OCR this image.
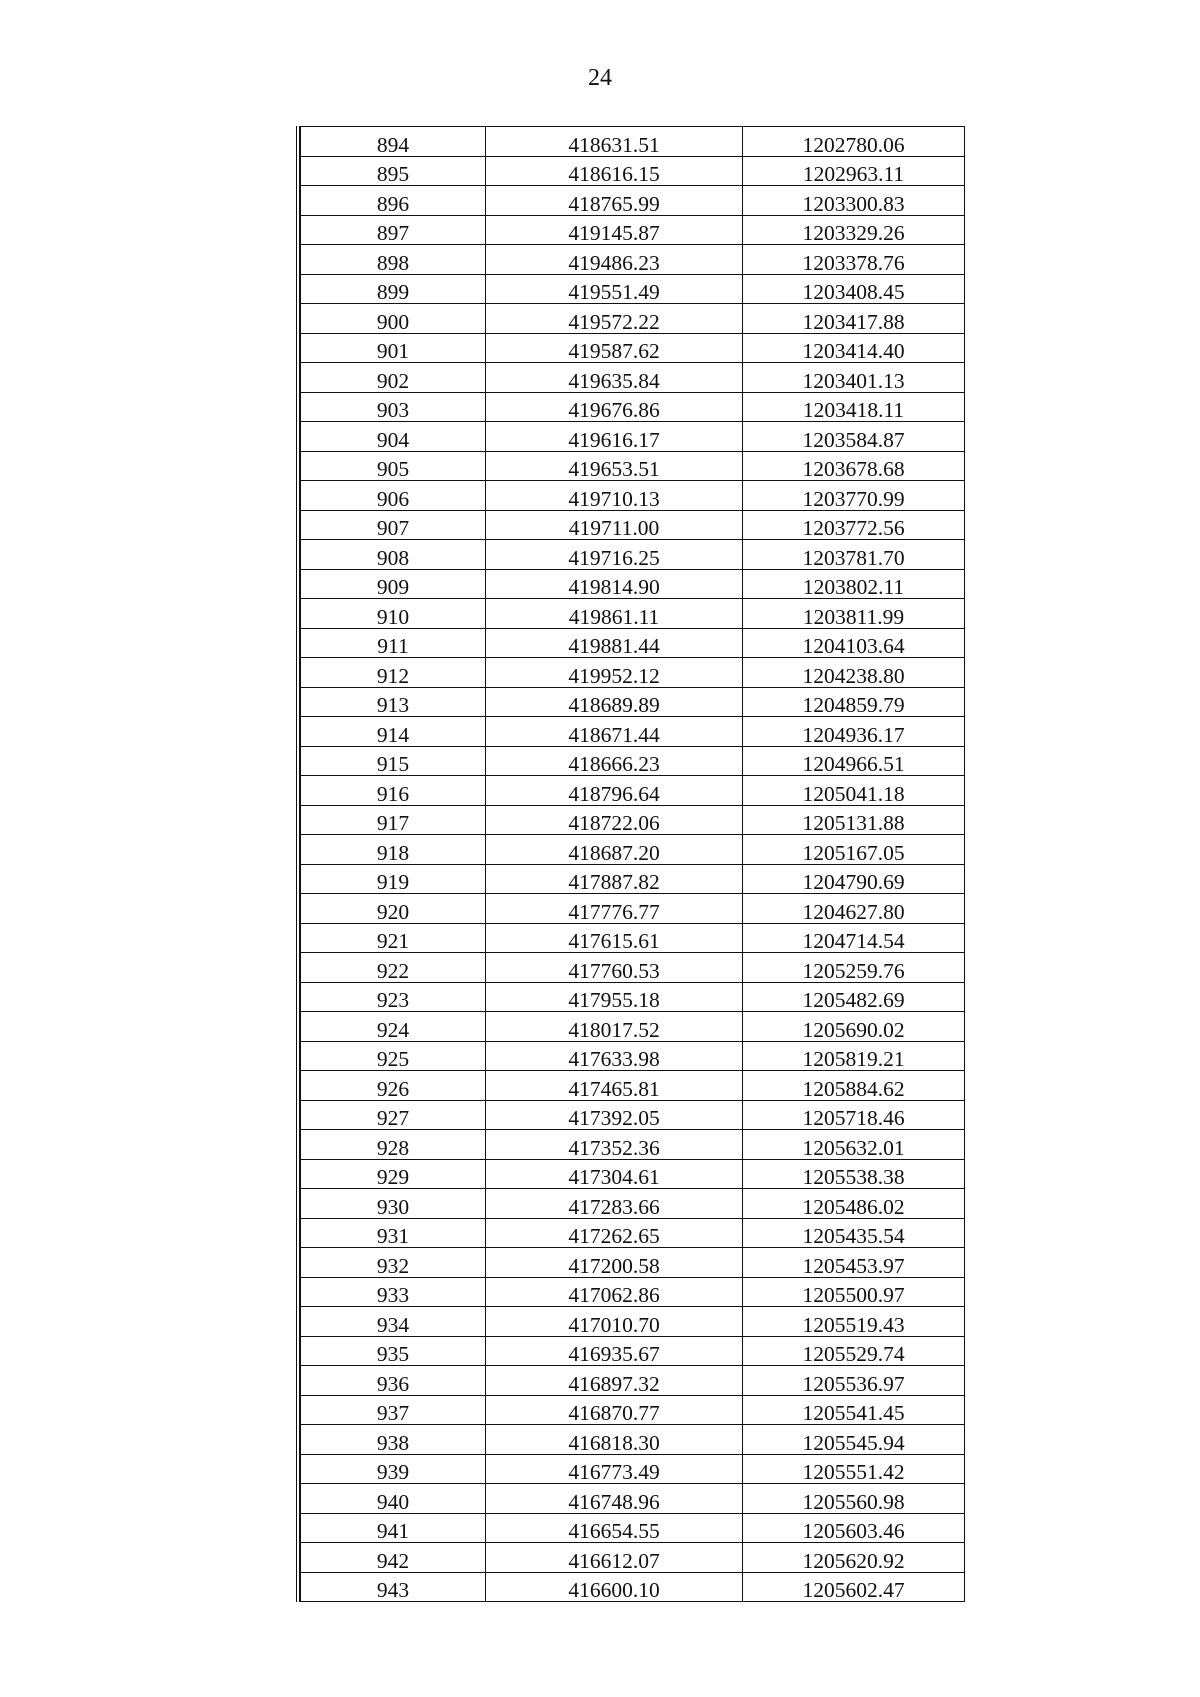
24
894	418631.51	1202780.06
895	418616.15	1202963.11
896	418765.99	1203300.83
897	419145.87	1203329.26
898	419486.23	1203378.76
899	419551.49	1203408.45
900	419572.22	1203417.88
901	419587.62	1203414.40
902	419635.84	1203401.13
903	419676.86	1203418.11
904	419616.17	1203584.87
905	419653.51	1203678.68
906	419710.13	1203770.99
907	419711.00	1203772.56
908	419716.25	1203781.70
909	419814.90	1203802.11
910	419861.11	1203811.99
911	419881.44	1204103.64
912	419952.12	1204238.80
913	418689.89	1204859.79
914	418671.44	1204936.17
915	418666.23	1204966.51
916	418796.64	1205041.18
917	418722.06	1205131.88
918	418687.20	1205167.05
919	417887.82	1204790.69
920	417776.77	1204627.80
921	417615.61	1204714.54
922	417760.53	1205259.76
923	417955.18	1205482.69
924	418017.52	1205690.02
925	417633.98	1205819.21
926	417465.81	1205884.62
927	417392.05	1205718.46
928	417352.36	1205632.01
929	417304.61	1205538.38
930	417283.66	1205486.02
931	417262.65	1205435.54
932	417200.58	1205453.97
933	417062.86	1205500.97
934	417010.70	1205519.43
935	416935.67	1205529.74
936	416897.32	1205536.97
937	416870.77	1205541.45
938	416818.30	1205545.94
939	416773.49	1205551.42
940	416748.96	1205560.98
941	416654.55	1205603.46
942	416612.07	1205620.92
943	416600.10	1205602.47
